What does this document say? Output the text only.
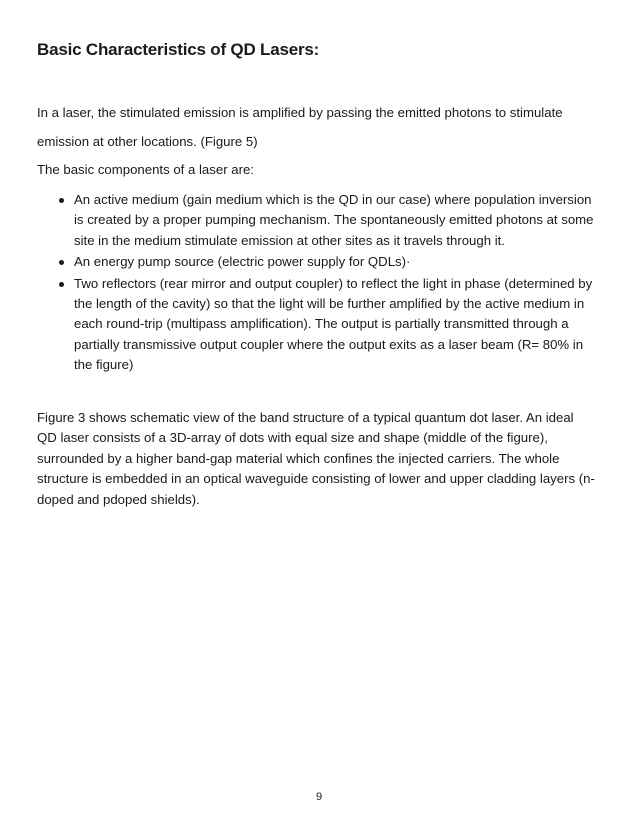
Basic Characteristics of QD Lasers:

In a laser, the stimulated emission is amplified by passing the emitted photons to stimulate emission at other locations. (Figure 5)

The basic components of a laser are:

An active medium (gain medium which is the QD in our case) where population inversion is created by a proper pumping mechanism. The spontaneously emitted photons at some site in the medium stimulate emission at other sites as it travels through it.
An energy pump source (electric power supply for QDLs)·
Two reflectors (rear mirror and output coupler) to reflect the light in phase (determined by the length of the cavity) so that the light will be further amplified by the active medium in each round-trip (multipass amplification). The output is partially transmitted through a partially transmissive output coupler where the output exits as a laser beam (R= 80% in the figure)

Figure 3 shows schematic view of the band structure of a typical quantum dot laser. An ideal QD laser consists of a 3D-array of dots with equal size and shape (middle of the figure), surrounded by a higher band-gap material which confines the injected carriers. The whole structure is embedded in an optical waveguide consisting of lower and upper cladding layers (n-doped and pdoped shields).

9
